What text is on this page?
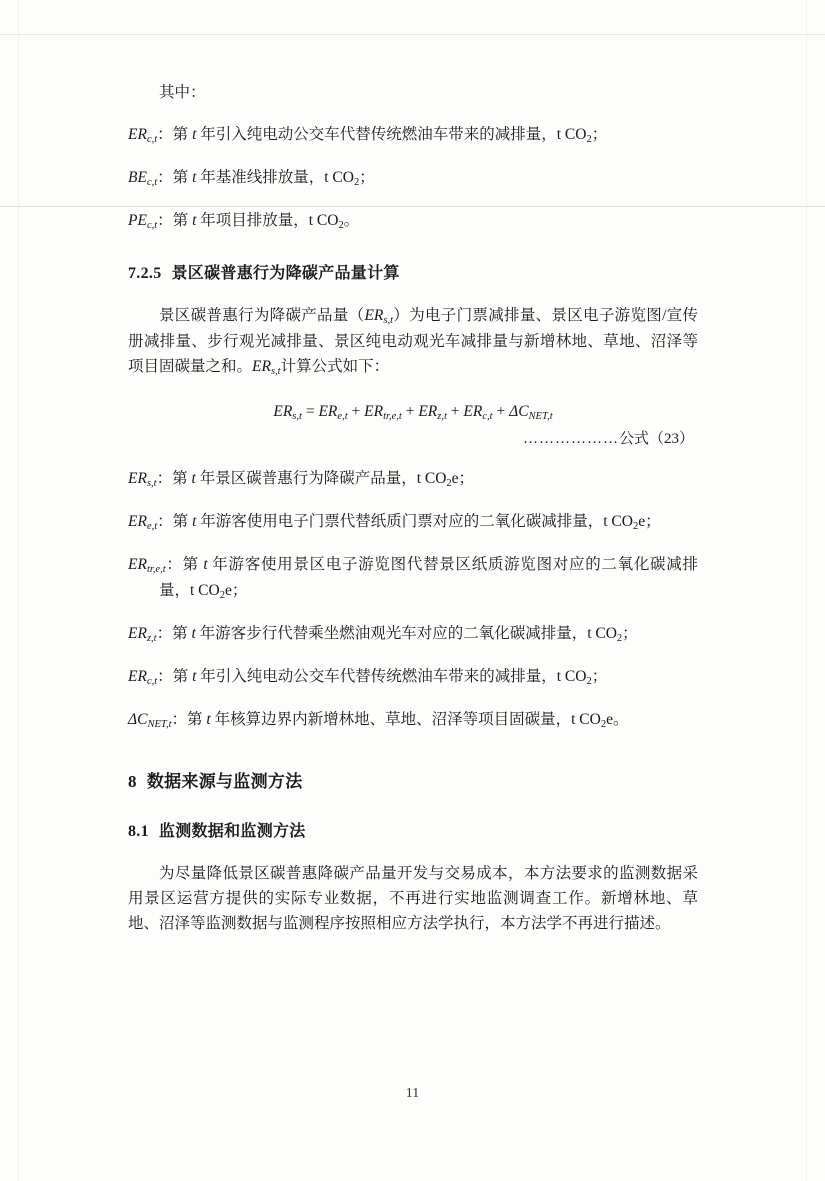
其中：

$ER_{c,t}$：第 t 年引入纯电动公交车代替传统燃油车带来的减排量，t $CO_2$；

$BE_{c,t}$：第 t 年基准线排放量，t $CO_2$；

$PE_{c,t}$：第 t 年项目排放量，t $CO_2$。

7.2.5 景区碳普惠行为降碳产品量计算

景区碳普惠行为降碳产品量$(ER_{s,t})$为电子门票减排量、景区电子游览图/宣传册减排量、步行观光减排量、景区纯电动观光车减排量与新增林地、草地、沼泽等项目固碳量之和。$ER_{s,t}$计算公式如下：

$ER_{s,t} = ER_{e,t} + ER_{tr,e,t} + ER_{z,t} + ER_{c,t} + \Delta C_{NET,t}$
………………公式（23）

$ER_{s,t}$：第 t 年景区碳普惠行为降碳产品量，t $CO_2e$；

$ER_{e,t}$：第 t 年游客使用电子门票代替纸质门票对应的二氧化碳减排量，t $CO_2e$；

$ER_{tr,e,t}$：第 t 年游客使用景区电子游览图代替景区纸质游览图对应的二氧化碳减排量，t $CO_2e$；

$ER_{z,t}$：第 t 年游客步行代替乘坐燃油观光车对应的二氧化碳减排量，t $CO_2$；

$ER_{c,t}$：第 t 年引入纯电动公交车代替传统燃油车带来的减排量，t $CO_2$；

$\Delta C_{NET,t}$：第 t 年核算边界内新增林地、草地、沼泽等项目固碳量，t $CO_2e$。

8 数据来源与监测方法
8.1 监测数据和监测方法

为尽量降低景区碳普惠降碳产品量开发与交易成本，本方法要求的监测数据采用景区运营方提供的实际专业数据，不再进行实地监测调查工作。新增林地、草地、沼泽等监测数据与监测程序按照相应方法学执行，本方法学不再进行描述。

11
